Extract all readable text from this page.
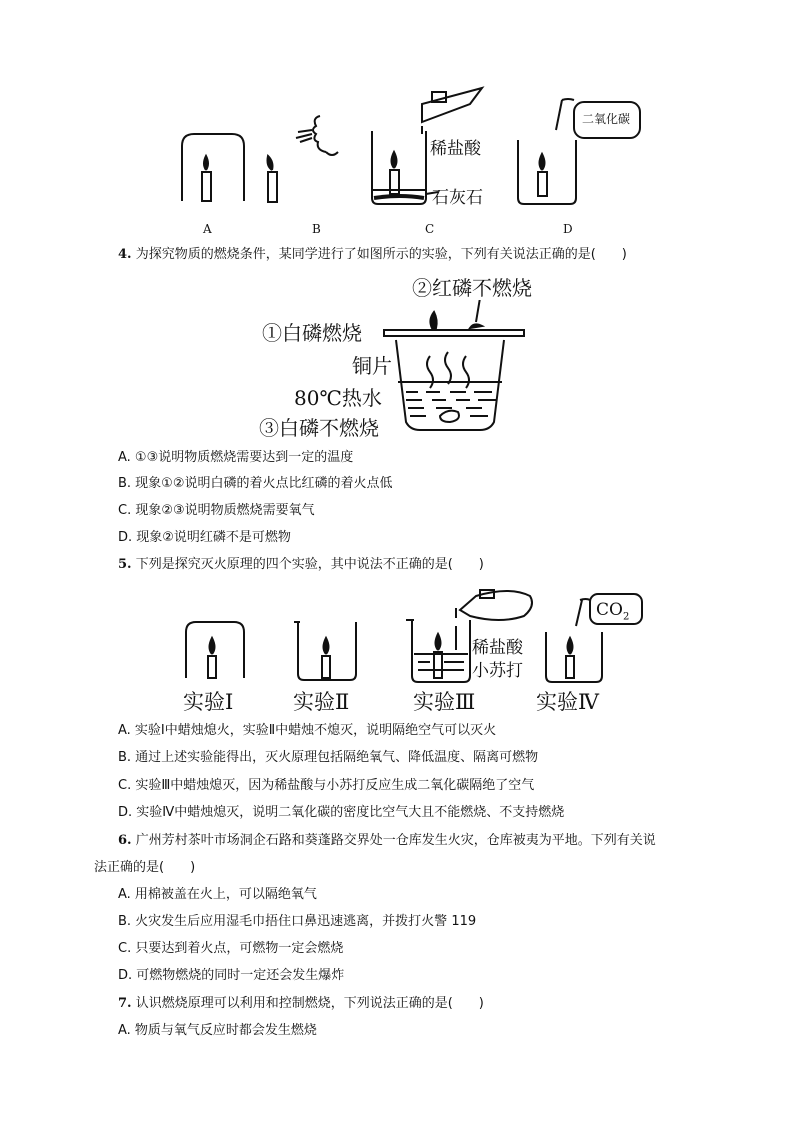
稀盐酸
石灰石
二氧化碳
A	B	C	D
4. 为探究物质的燃烧条件，某同学进行了如图所示的实验，下列有关说法正确的是(　　)
②红磷不燃烧
①白磷燃烧
铜片
80℃热水
③白磷不燃烧
A. ①③说明物质燃烧需要达到一定的温度
B. 现象①②说明白磷的着火点比红磷的着火点低
C. 现象②③说明物质燃烧需要氧气
D. 现象②说明红磷不是可燃物
5. 下列是探究灭火原理的四个实验，其中说法不正确的是(　　)
稀盐酸
小苏打
$CO_2$
实验Ⅰ	实验Ⅱ	实验Ⅲ	实验Ⅳ
A. 实验Ⅰ中蜡烛熄火，实验Ⅱ中蜡烛不熄灭，说明隔绝空气可以灭火
B. 通过上述实验能得出，灭火原理包括隔绝氧气、降低温度、隔离可燃物
C. 实验Ⅲ中蜡烛熄灭，因为稀盐酸与小苏打反应生成二氧化碳隔绝了空气
D. 实验Ⅳ中蜡烛熄灭，说明二氧化碳的密度比空气大且不能燃烧、不支持燃烧
6. 广州芳村茶叶市场洞企石路和葵蓬路交界处一仓库发生火灾，仓库被夷为平地。下列有关说
法正确的是(　　)
A. 用棉被盖在火上，可以隔绝氧气
B. 火灾发生后应用湿毛巾捂住口鼻迅速逃离，并拨打火警 119
C. 只要达到着火点，可燃物一定会燃烧
D. 可燃物燃烧的同时一定还会发生爆炸
7. 认识燃烧原理可以利用和控制燃烧，下列说法正确的是(　　)
A. 物质与氧气反应时都会发生燃烧
